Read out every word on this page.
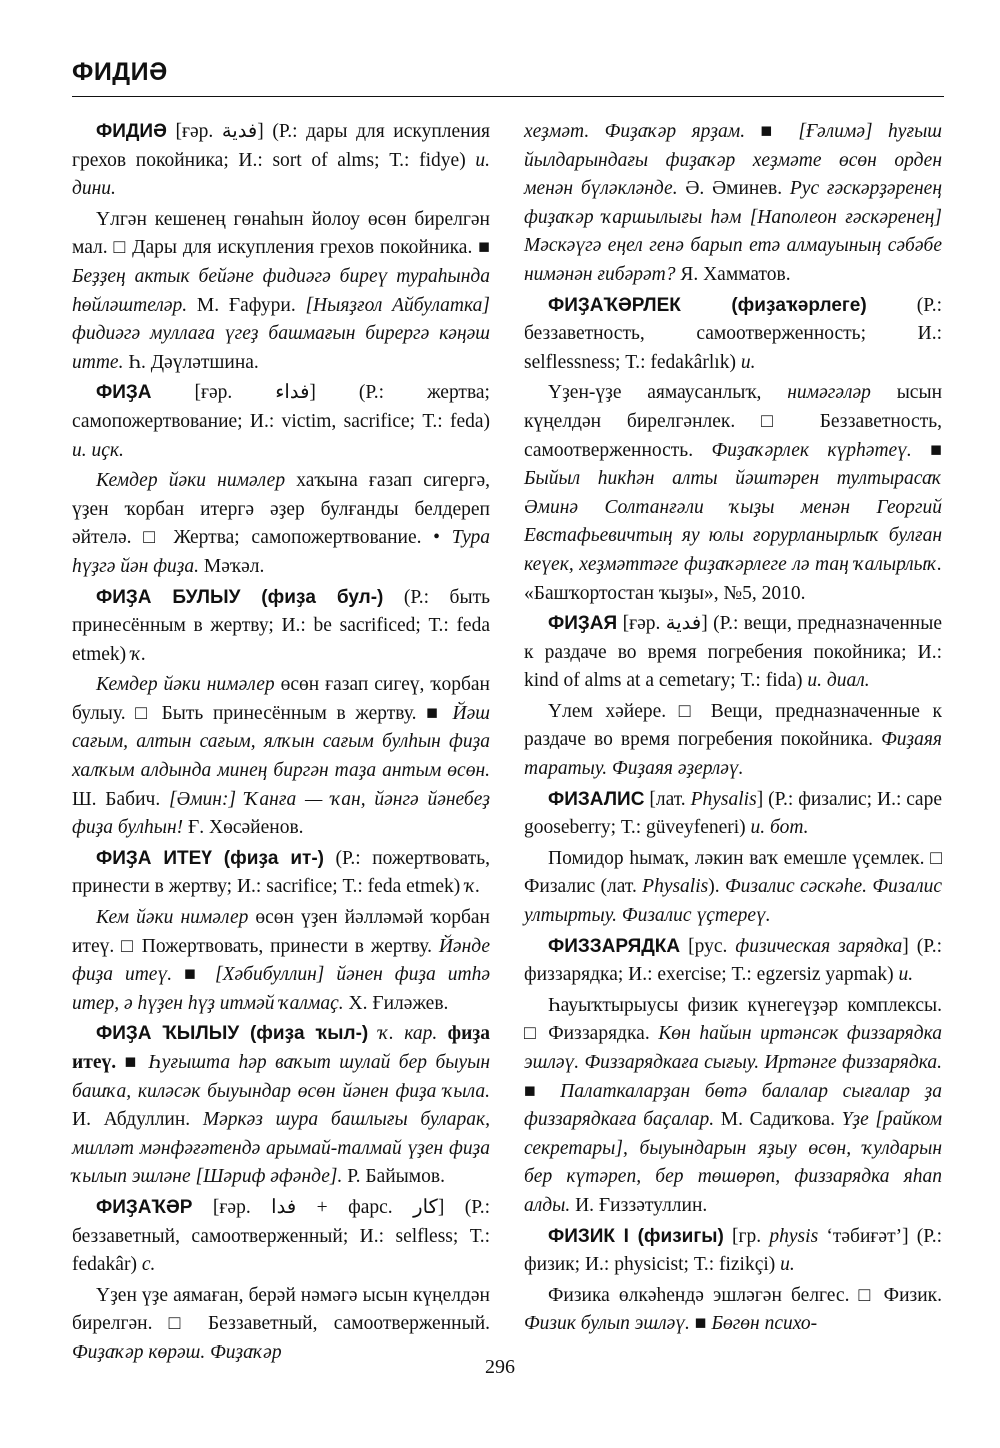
ФИДИӘ

ФИДИӘ [ғәр. فدية] (Р.: дары для искупления грехов покойника; И.: sort of alms; Т.: fidye) и. дини.

Үлгән кешенең гөнаһын йолоу өсөн бирелгән мал. □ Дары для искупления грехов покойника. ■ Беҙҙең актык бейәне фидиәгә биреү тураһында һөйләштеләр. М. Ғафури. [Ныяҙғол Айбулатка] фидиәгә муллаға үгеҙ башмағын бирергә кәңәш итте. Һ. Дәүләтшина.

ФИҘА [ғәр. فداء] (Р.: жертва; самопожертвование; И.: victim, sacrifice; Т.: feda) и. иҫк.

Кемдер йәки нимәлер хаҡына ғазап сигергә, үҙен ҡорбан итергә әҙер булғанды белдереп әйтелә. □ Жертва; самопожертвование. • Тура һүҙгә йән фиҙа. Мәҡәл.

ФИҘА БУЛЫУ (фиҙа бул-) (Р.: быть принесённым в жертву; И.: be sacrificed; Т.: feda etmek) ҡ.

Кемдер йәки нимәлер өсөн ғазап сигеү, ҡорбан булыу. □ Быть принесённым в жертву. ■ Йәш сағым, алтын сағым, ялҡын сағым булһын фиҙа халҡым алдында минең биргән таҙа антым өсөн. Ш. Бабич. [Әмин:] Ҡанға — ҡан, йәнгә йәнебеҙ фиҙа булһын! Ғ. Хөсәйенов.

ФИҘА ИТЕҮ (фиҙа ит-) (Р.: пожертвовать, принести в жертву; И.: sacrifice; Т.: feda etmek) ҡ.

Кем йәки нимәлер өсөн үҙен йәлләмәй ҡорбан итеү. □ Пожертвовать, принести в жертву. Йәнде фиҙа итеү. ■ [Хәбибуллин] йәнен фиҙа итһә итер, ә һүҙен һүҙ итмәй ҡалмаҫ. Х. Ғиләжев.

ФИҘА ҠЫЛЫУ (фиҙа ҡыл-) ҡ. кар. фиҙа итеү. ■ Һуғышта һәр ваҡыт шулай бер быуын башҡа, киләсәк быуындар өсөн йәнен фиҙа ҡыла. И. Абдуллин. Мәркәз шура башлығы буларак, милләт мәнфәғәтендә арымай-талмай үҙен фиҙа ҡылып эшләне [Шәриф әфәнде]. Р. Байымов.

ФИҘАҠӘР [ғәр. فدا + фарс. كار] (Р.: беззаветный, самоотверженный; И.: selfless; Т.: fedakâr) с.

Үҙен үҙе аямаған, берәй нәмәгә ысын күңелдән бирелгән. □ Беззаветный, самоотверженный. Фиҙаҡәр көрәш. Фиҙаҡәр

хеҙмәт. Фиҙаҡәр ярҙам. ■ [Ғәлимә] һуғыш йылдарындағы фиҙаҡәр хеҙмәте өсөн орден менән бүләкләнде. Ә. Әминев. Рус ғәскәрҙәренең фиҙаҡәр ҡаршылығы һәм [Наполеон ғәскәренең] Мәскәүгә еңел генә барып етә алмауының сәбәбе нимәнән ғибәрәт? Я. Хамматов.

ФИҘАҠӘРЛЕК (фиҙаҡәрлеге) (Р.: беззаветность, самоотверженность; И.: selflessness; Т.: fedakârlık) и.

Үҙен-үҙе аямаусанлыҡ, нимәгәләр ысын күңелдән бирелгәнлек. □ Беззаветность, самоотверженность. Фиҙаҡәрлек күрһәтеү. ■ Быйыл һикһән алты йәштәрен тултырасаҡ Әминә Солтанғәли ҡыҙы менән Георгий Евстафьевичтың яу юлы ғорурланырлыҡ булған кеүек, хеҙмәттәге фиҙаҡәрлеге лә таң ҡалырлыҡ. «Башҡортостан ҡыҙы», №5, 2010.

ФИҘАЯ [ғәр. فدية] (Р.: вещи, предназначенные к раздаче во время погребения покойника; И.: kind of alms at a cemetary; Т.: fida) и. диал.

Үлем хәйере. □ Вещи, предназначенные к раздаче во время погребения покойника. Фиҙаяя таратыу. Фиҙаяя әҙерләү.

ФИЗАЛИС [лат. Physalis] (Р.: физалис; И.: cape gooseberry; Т.: güveyfeneri) и. бот.

Помидор һымаҡ, ләкин ваҡ емешле үҫемлек. □ Физалис (лат. Physalis). Физалис сәскәһе. Физалис ултыртыу. Физалис үҫтереү.

ФИЗЗАРЯДКА [рус. физическая зарядка] (Р.: физзарядка; И.: exercise; Т.: egzersiz yapmak) и.

Һауыҡтырыусы физик күнегеүҙәр комплексы. □ Физзарядка. Көн һайын иртәнсәк физзарядка эшләү. Физзарядкаға сығыу. Иртәнге физзарядка. ■ Палаткаларҙан бөтә балалар сығалар ҙа физзарядкаға баҫалар. М. Садиҡова. Үҙе [райком секретары], быуындарын яҙыу өсөн, ҡулдарын бер күтәреп, бер төшөрөп, физзарядка яһап алды. И. Ғиззәтуллин.

ФИЗИК I (физигы) [гр. physis ‘тәбиғәт’] (Р.: физик; И.: physicist; Т.: fizikçi) и.

Физика өлкәһендә эшләгән белгес. □ Физик. Физик булып эшләү. ■ Бөгөн психо-

296
